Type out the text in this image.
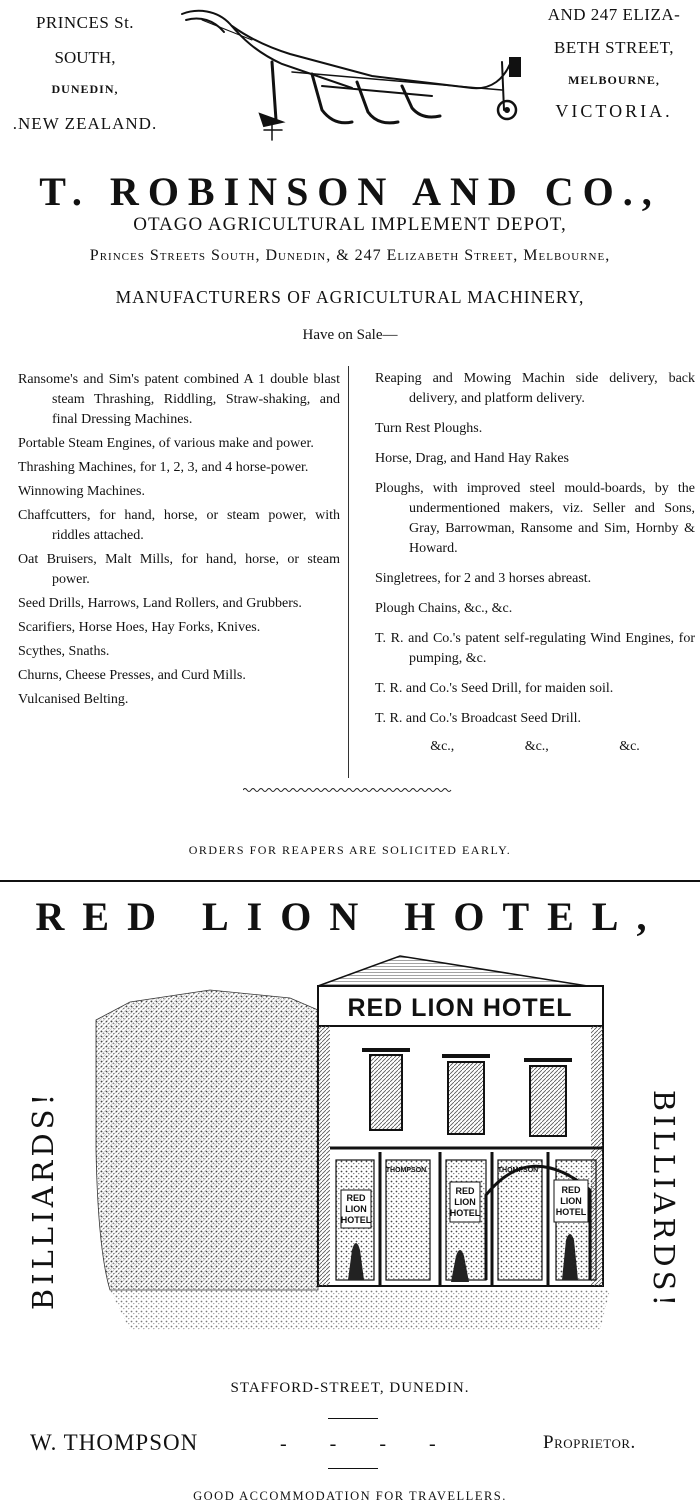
PRINCES St.
SOUTH,
DUNEDIN,
.NEW ZEALAND.
AND 247 ELIZA-
BETH STREET,
MELBOURNE,
VICTORIA.
T. ROBINSON AND CO.,
OTAGO AGRICULTURAL IMPLEMENT DEPOT,
Princes Streets South, Dunedin, & 247 Elizabeth Street, Melbourne,
MANUFACTURERS OF AGRICULTURAL MACHINERY,
Have on Sale—

Ransome's and Sim's patent combined A 1 double blast steam Thrashing, Riddling, Straw-shaking, and final Dressing Machines.

Portable Steam Engines, of various make and power.

Thrashing Machines, for 1, 2, 3, and 4 horse-power.

Winnowing Machines.

Chaffcutters, for hand, horse, or steam power, with riddles attached.

Oat Bruisers, Malt Mills, for hand, horse, or steam power.

Seed Drills, Harrows, Land Rollers, and Grubbers.

Scarifiers, Horse Hoes, Hay Forks, Knives.

Scythes, Snaths.

Churns, Cheese Presses, and Curd Mills.

Vulcanised Belting.

Reaping and Mowing Machin side delivery, back delivery, and platform delivery.

Turn Rest Ploughs.

Horse, Drag, and Hand Hay Rakes

Ploughs, with improved steel mould-boards, by the undermentioned makers, viz. Seller and Sons, Gray, Barrowman, Ransome and Sim, Hornby & Howard.

Singletrees, for 2 and 3 horses abreast.

Plough Chains, &c., &c.

T. R. and Co.'s patent self-regulating Wind Engines, for pumping, &c.

T. R. and Co.'s Seed Drill, for maiden soil.

T. R. and Co.'s Broadcast Seed Drill.

&c.,	&c.,	&c.
ORDERS FOR REAPERS ARE SOLICITED EARLY.
RED LION HOTEL,
BILLIARDS!	BILLIARDS!
RED LION HOTEL
RED
LION
HOTEL
RED
LION
HOTEL
RED
LION
HOTEL
THOMPSON	THOMPSON
STAFFORD-STREET, DUNEDIN.
W. THOMPSON	- - - -	Proprietor.
GOOD ACCOMMODATION FOR TRAVELLERS.
